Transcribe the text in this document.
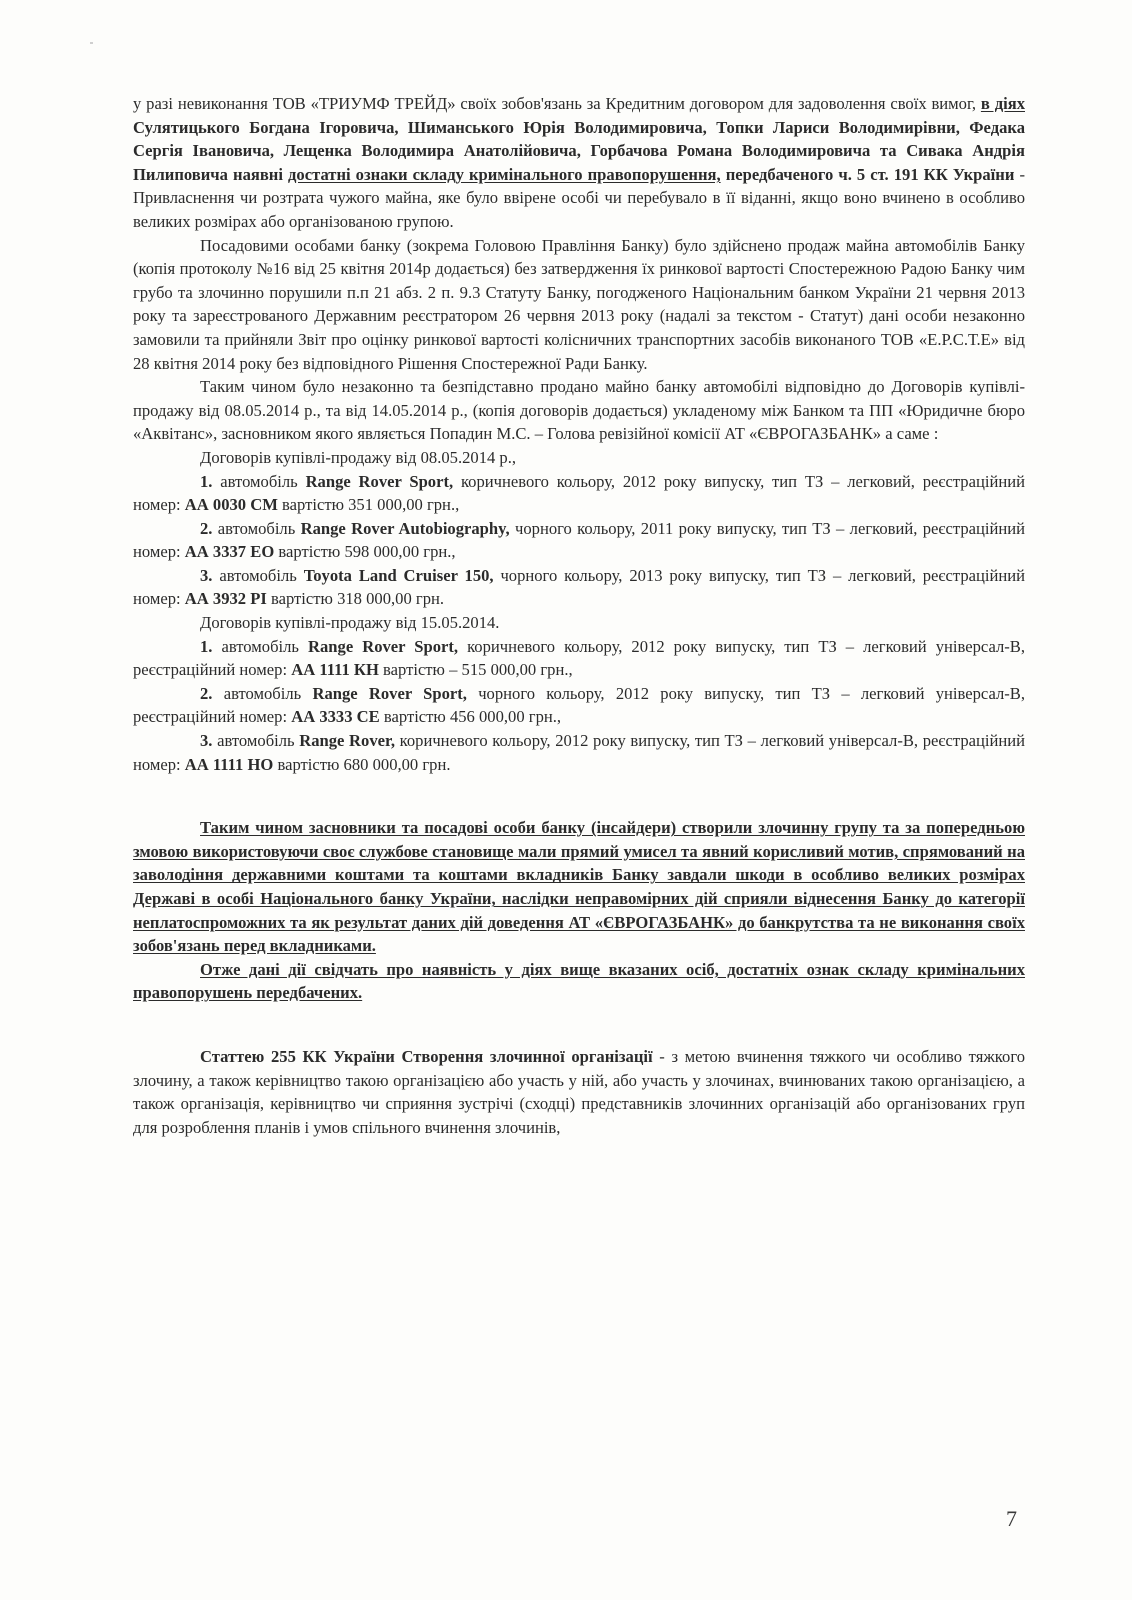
у разі невиконання ТОВ «ТРИУМФ ТРЕЙД» своїх зобов'язань за Кредитним договором для задоволення своїх вимог, в діях Сулятицького Богдана Ігоровича, Шиманського Юрія Володимировича, Топки Лариси Володимирівни, Федака Сергія Івановича, Лещенка Володимира Анатолійовича, Горбачова Романа Володимировича та Сивака Андрія Пилиповича наявні достатні ознаки складу кримінального правопорушення, передбаченого ч. 5 ст. 191 КК України - Привласнення чи розтрата чужого майна, яке було ввірене особі чи перебувало в її віданні, якщо воно вчинено в особливо великих розмірах або організованою групою.

Посадовими особами банку (зокрема Головою Правління Банку) було здійснено продаж майна автомобілів Банку (копія протоколу №16 від 25 квітня 2014р додається) без затвердження їх ринкової вартості Спостережною Радою Банку чим грубо та злочинно порушили п.п 21 абз. 2 п. 9.3 Статуту Банку, погодженого Національним банком України 21 червня 2013 року та зареєстрованого Державним реєстратором 26 червня 2013 року (надалі за текстом - Статут) дані особи незаконно замовили та прийняли Звіт про оцінку ринкової вартості колісничних транспортних засобів виконаного ТОВ «Е.Р.С.Т.Е» від 28 квітня 2014 року без відповідного Рішення Спостережної Ради Банку.

Таким чином було незаконно та безпідставно продано майно банку автомобілі відповідно до Договорів купівлі-продажу від 08.05.2014 р., та від 14.05.2014 р., (копія договорів додається) укладеному між Банком та ПП «Юридичне бюро «Аквітанс», засновником якого являється Попадин М.С. – Голова ревізійної комісії АТ «ЄВРОГАЗБАНК» а саме :

Договорів купівлі-продажу від 08.05.2014 р.,

1. автомобіль Range Rover Sport, коричневого кольору, 2012 року випуску, тип ТЗ – легковий, реєстраційний номер: АА 0030 СМ вартістю 351 000,00 грн.,

2. автомобіль Range Rover Autobiography, чорного кольору, 2011 року випуску, тип ТЗ – легковий, реєстраційний номер: АА 3337 ЕО вартістю 598 000,00 грн.,

3. автомобіль Toyota Land Cruiser 150, чорного кольору, 2013 року випуску, тип ТЗ – легковий, реєстраційний номер: АА 3932 РІ вартістю 318 000,00 грн.

Договорів купівлі-продажу від 15.05.2014.

1. автомобіль Range Rover Sport, коричневого кольору, 2012 року випуску, тип ТЗ – легковий універсал-В, реєстраційний номер: АА 1111 КН вартістю – 515 000,00 грн.,

2. автомобіль Range Rover Sport, чорного кольору, 2012 року випуску, тип ТЗ – легковий універсал-В, реєстраційний номер: АА 3333 СЕ вартістю 456 000,00 грн.,

3. автомобіль Range Rover, коричневого кольору, 2012 року випуску, тип ТЗ – легковий універсал-В, реєстраційний номер: АА 1111 НО вартістю 680 000,00 грн.

Таким чином засновники та посадові особи банку (інсайдери) створили злочинну групу та за попередньою змовою використовуючи своє службове становище мали прямий умисел та явний корисливий мотив, спрямований на заволодіння державними коштами та коштами вкладників Банку завдали шкоди в особливо великих розмірах Державі в особі Національного банку України, наслідки неправомірних дій сприяли віднесення Банку до категорії неплатоспроможних та як результат даних дій доведення АТ «ЄВРОГАЗБАНК» до банкрутства та не виконання своїх зобов'язань перед вкладниками.

Отже дані дії свідчать про наявність у діях вище вказаних осіб, достатніх ознак складу кримінальних правопорушень передбачених.

Статтею 255 КК України Створення злочинної організації - з метою вчинення тяжкого чи особливо тяжкого злочину, а також керівництво такою організацією або участь у ній, або участь у злочинах, вчинюваних такою організацією, а також організація, керівництво чи сприяння зустрічі (сходці) представників злочинних організацій або організованих груп для розроблення планів і умов спільного вчинення злочинів,

7
